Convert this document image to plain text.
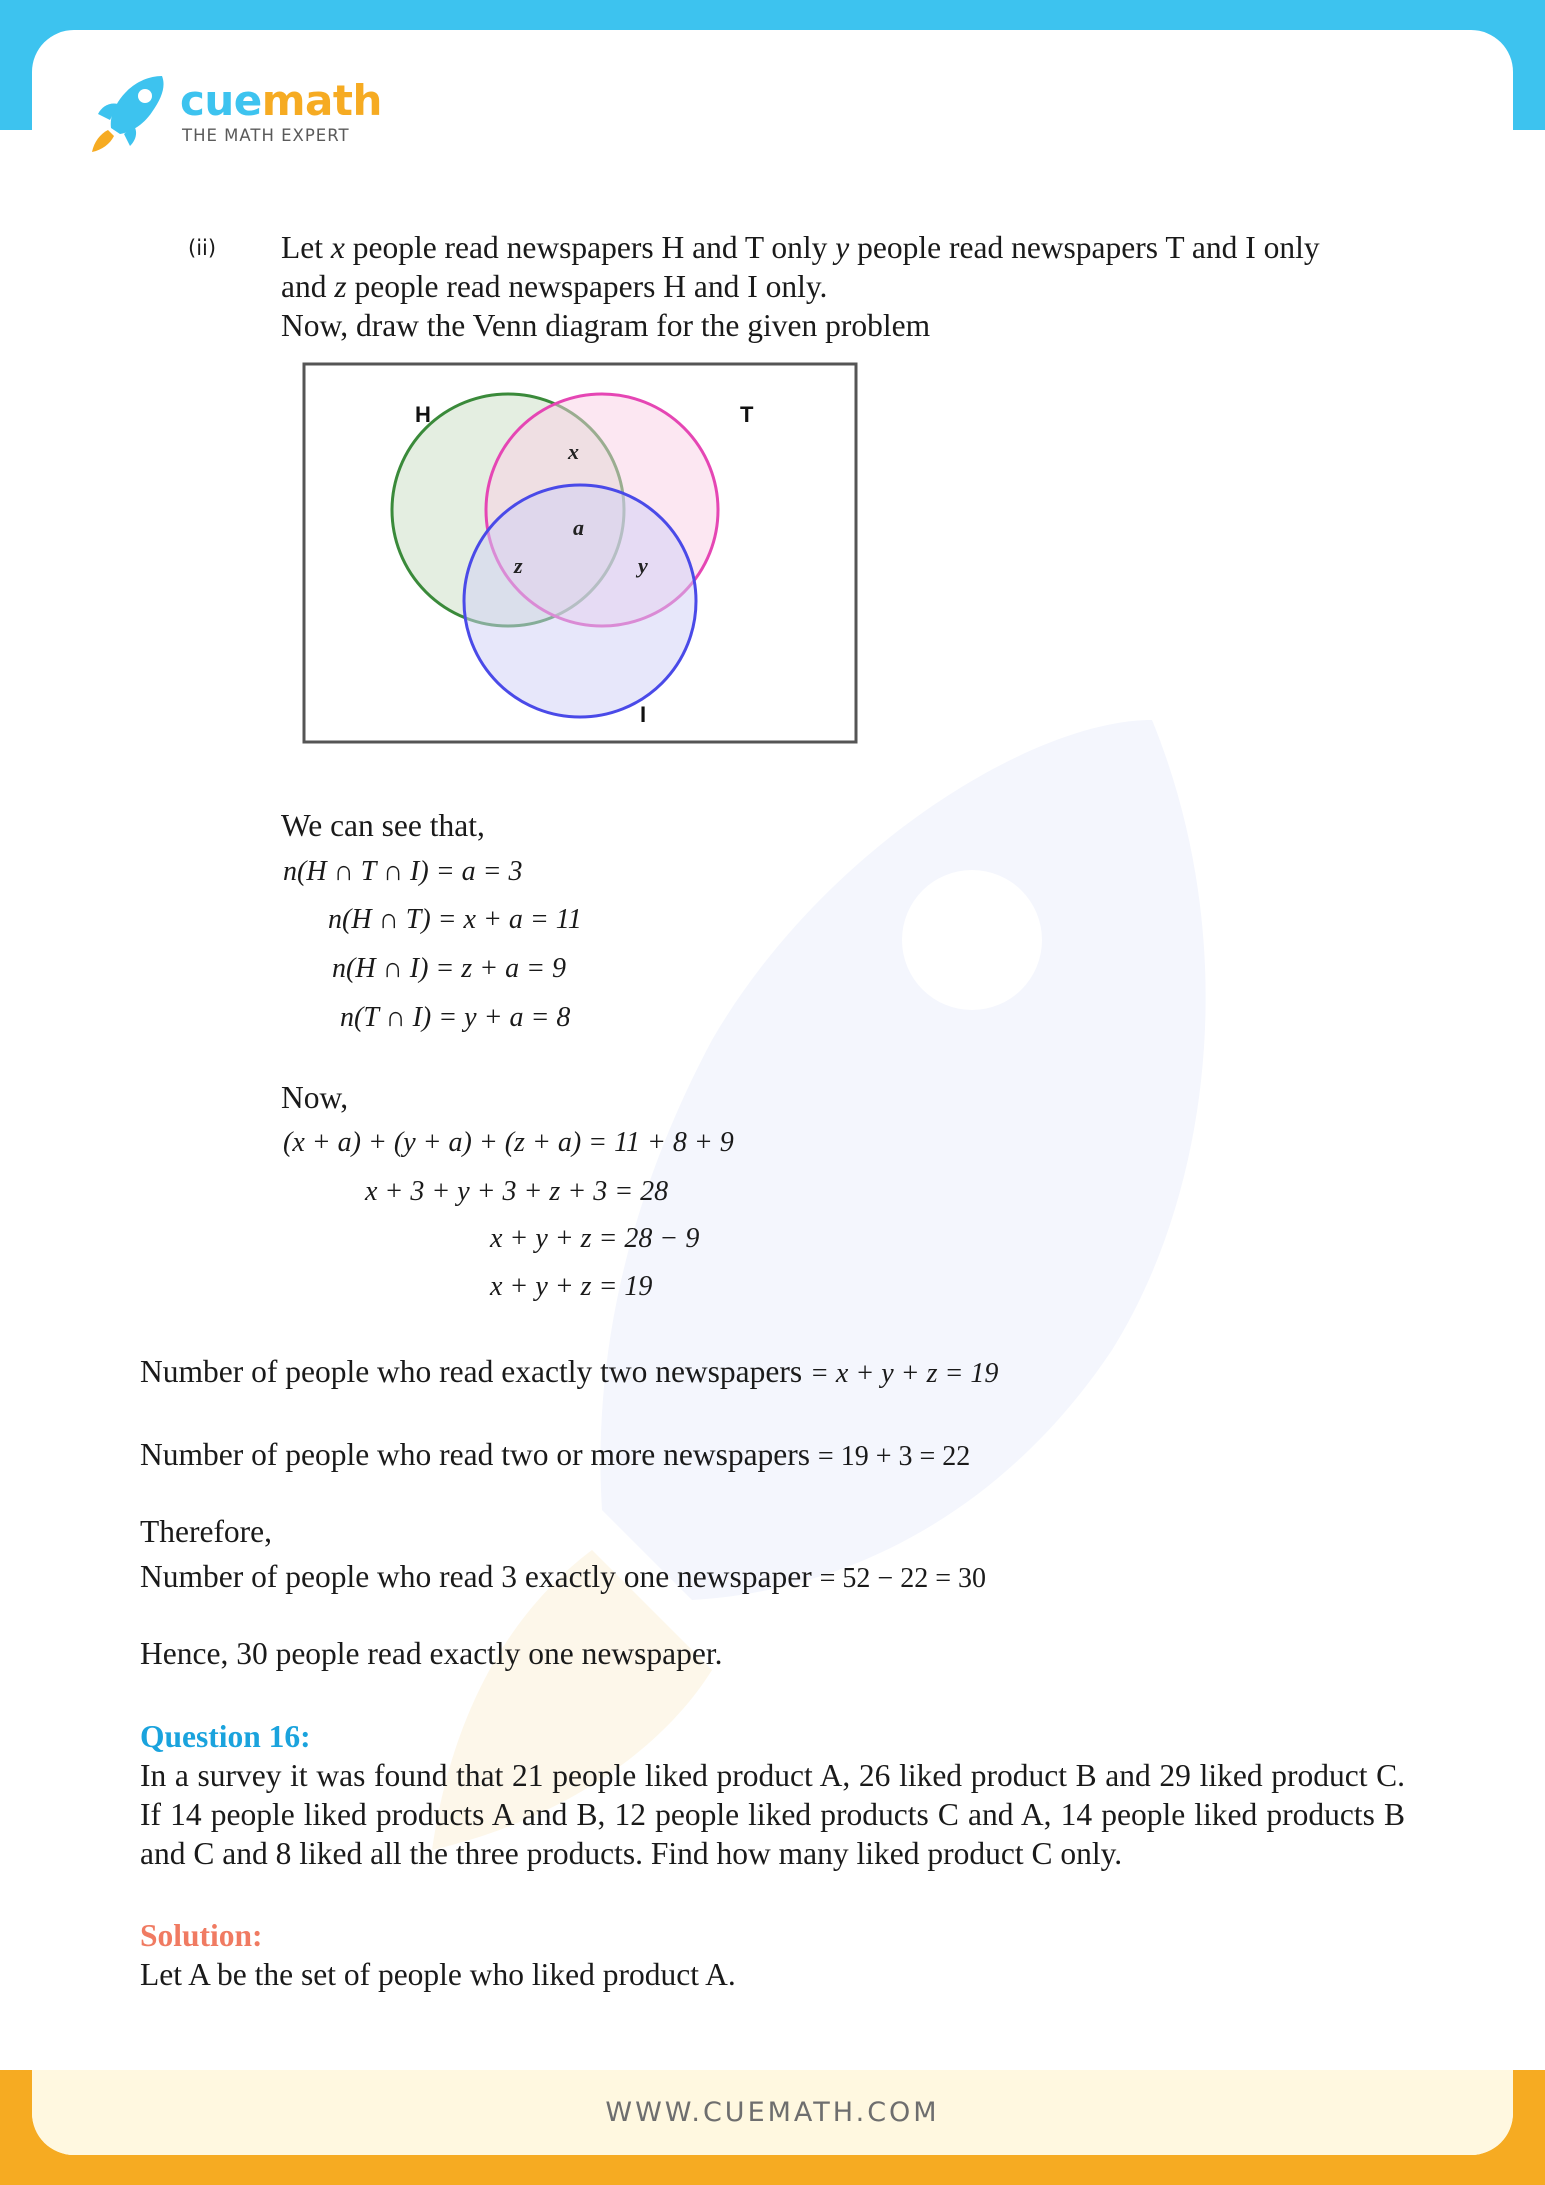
WWW.CUEMATH.COM
cuemath
THE MATH EXPERT
(ii) Let x people read newspapers H and T only y people read newspapers T and I only
and z people read newspapers H and I only.
Now, draw the Venn diagram for the given problem
H	T
I
x
a
z	y
We can see that,
n(H ∩ T ∩ I) = a = 3
n(H ∩ T) = x + a = 11
n(H ∩ I) = z + a = 9
n(T ∩ I) = y + a = 8
Now,
(x + a) + (y + a) + (z + a) = 11 + 8 + 9
x + 3 + y + 3 + z + 3 = 28
x + y + z = 28 − 9
x + y + z = 19
Number of people who read exactly two newspapers = x + y + z = 19
Number of people who read two or more newspapers = 19 + 3 = 22
Therefore,
Number of people who read 3 exactly one newspaper = 52 − 22 = 30
Hence, 30 people read exactly one newspaper.
Question 16:
In a survey it was found that 21 people liked product A, 26 liked product B and 29 liked product C. If 14 people liked products A and B, 12 people liked products C and A, 14 people liked products B and C and 8 liked all the three products. Find how many liked product C only.
Solution:
Let A be the set of people who liked product A.
